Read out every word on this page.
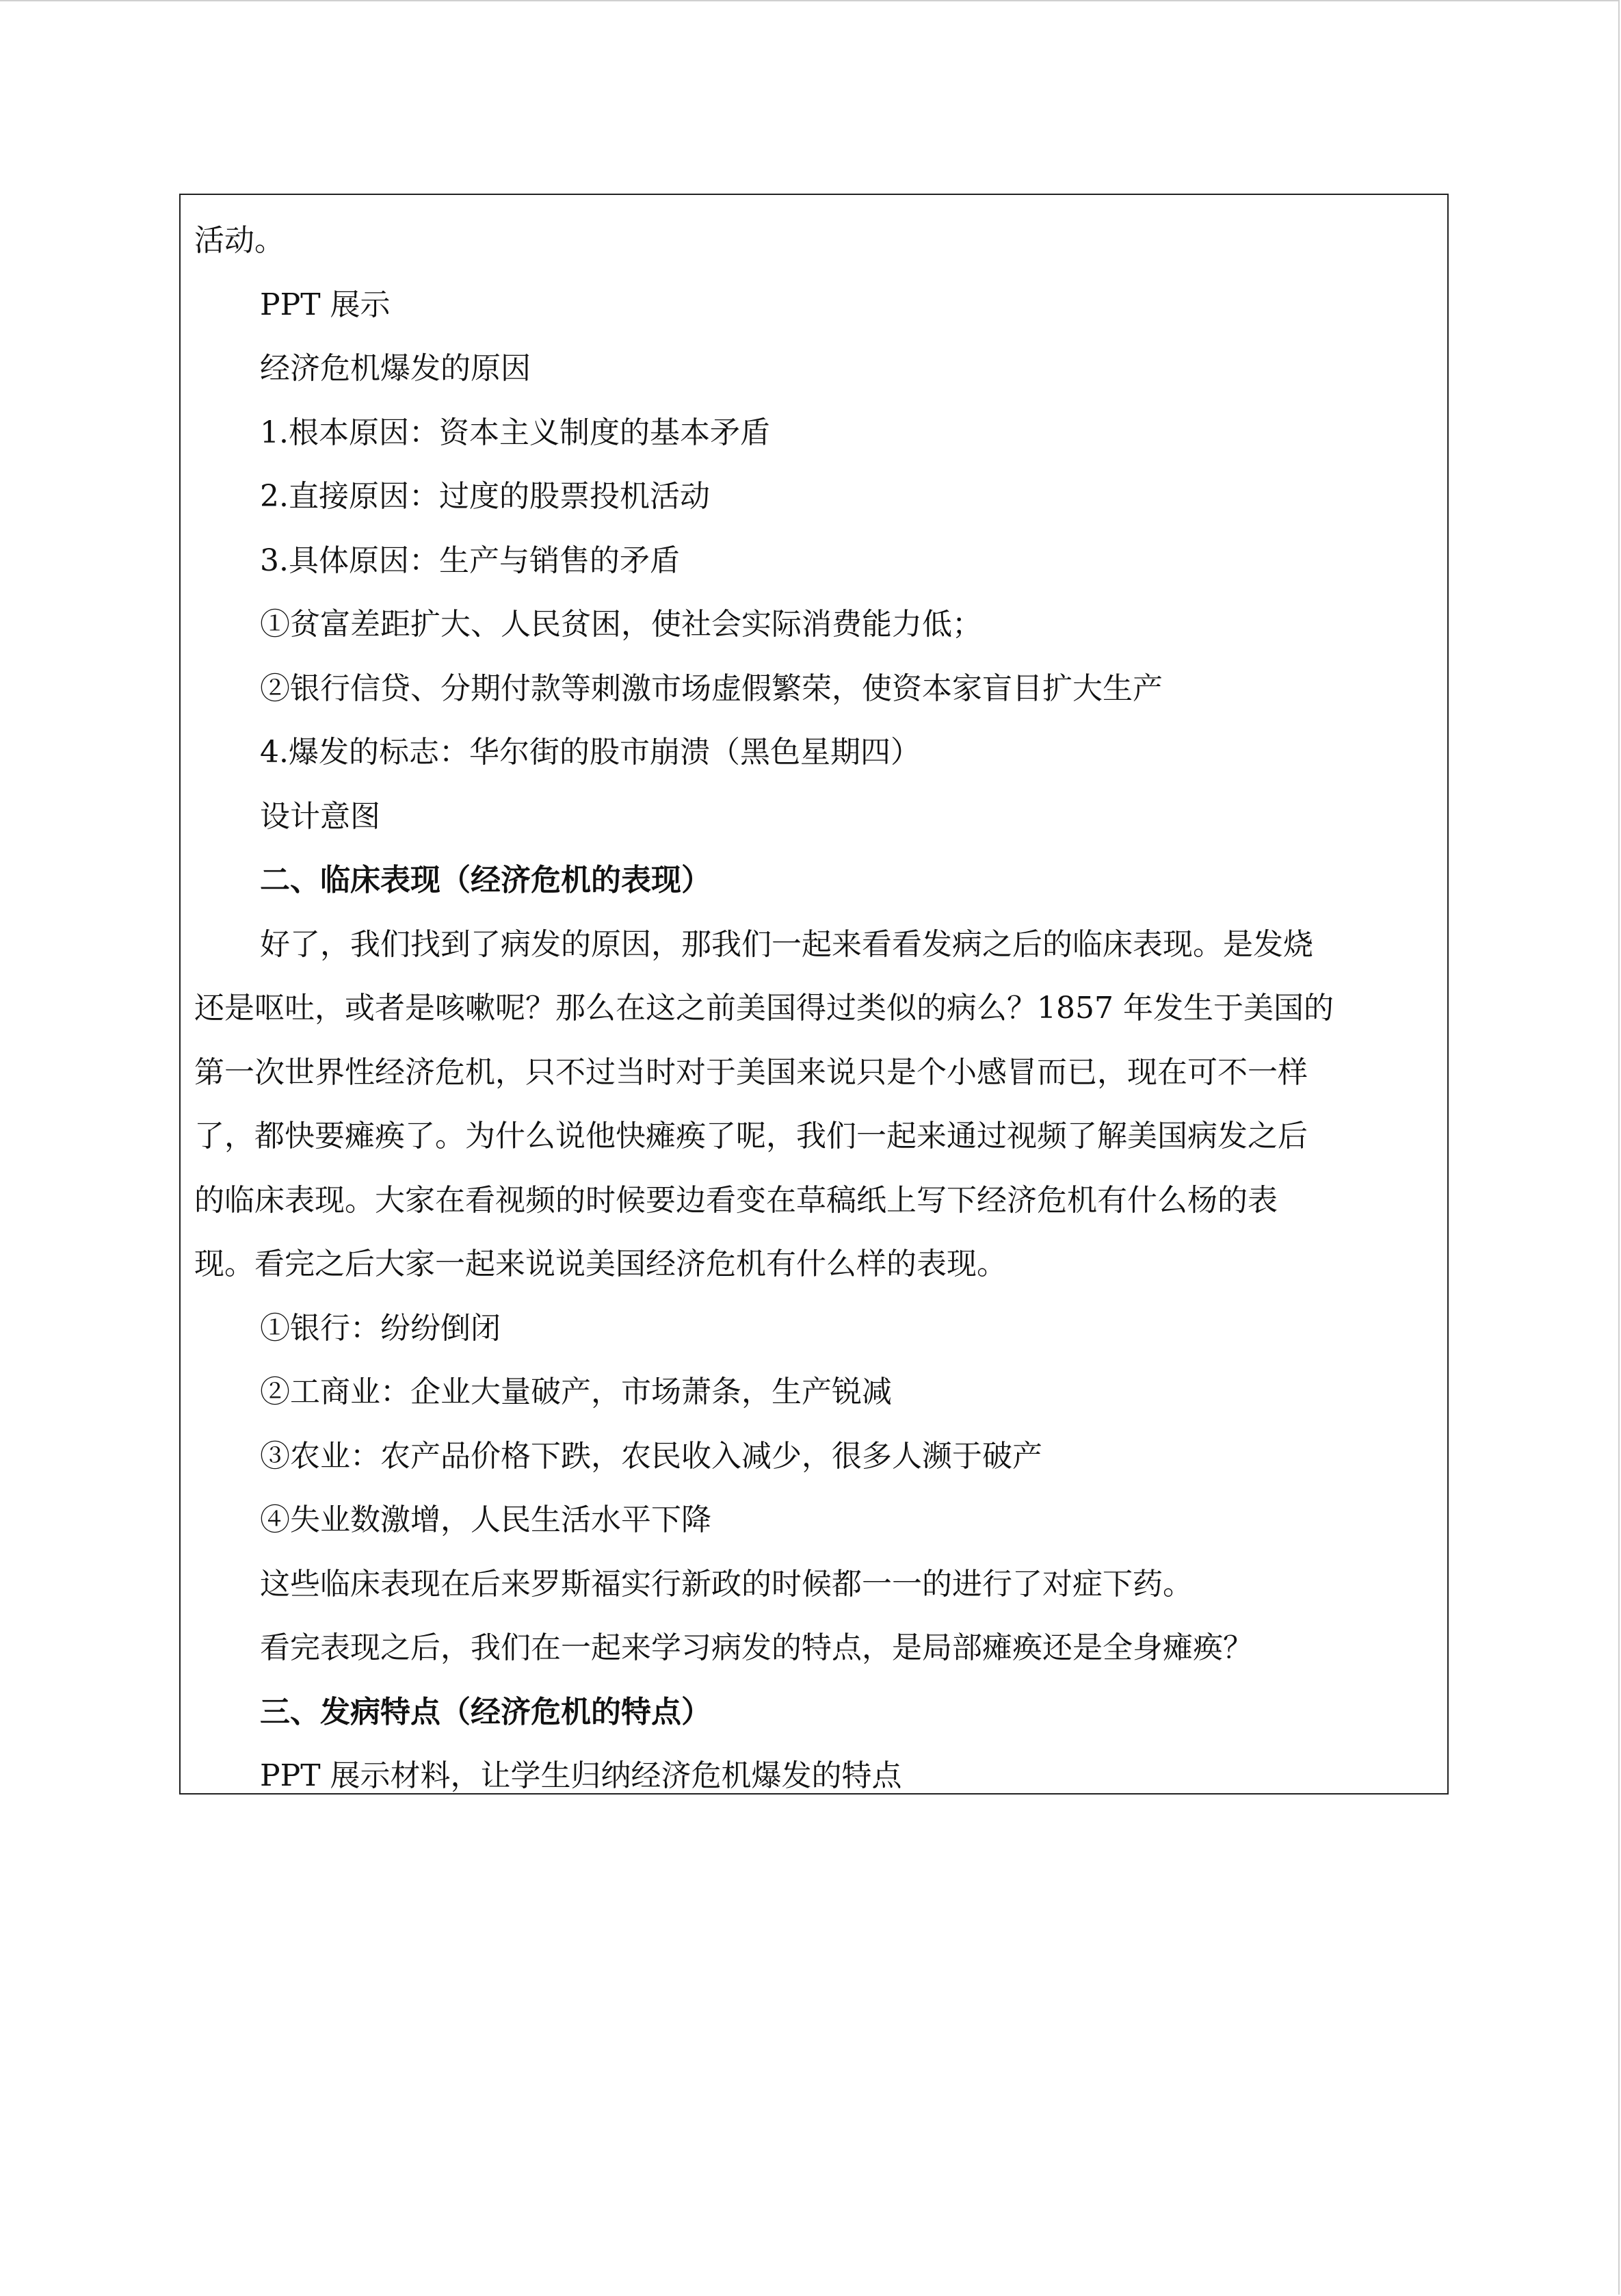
活动。
PPT 展示
经济危机爆发的原因
1.根本原因：资本主义制度的基本矛盾
2.直接原因：过度的股票投机活动
3.具体原因：生产与销售的矛盾
①贫富差距扩大、人民贫困，使社会实际消费能力低；
②银行信贷、分期付款等刺激市场虚假繁荣，使资本家盲目扩大生产
4.爆发的标志：华尔街的股市崩溃（黑色星期四）
设计意图
二、临床表现（经济危机的表现）
好了，我们找到了病发的原因，那我们一起来看看发病之后的临床表现。是发烧
还是呕吐，或者是咳嗽呢？那么在这之前美国得过类似的病么？1857 年发生于美国的
第一次世界性经济危机，只不过当时对于美国来说只是个小感冒而已，现在可不一样
了，都快要瘫痪了。为什么说他快瘫痪了呢，我们一起来通过视频了解美国病发之后
的临床表现。大家在看视频的时候要边看变在草稿纸上写下经济危机有什么杨的表
现。看完之后大家一起来说说美国经济危机有什么样的表现。
①银行：纷纷倒闭
②工商业：企业大量破产，市场萧条，生产锐减
③农业：农产品价格下跌，农民收入减少，很多人濒于破产
④失业数激增，人民生活水平下降
这些临床表现在后来罗斯福实行新政的时候都一一的进行了对症下药。
看完表现之后，我们在一起来学习病发的特点，是局部瘫痪还是全身瘫痪？
三、发病特点（经济危机的特点）
PPT 展示材料，让学生归纳经济危机爆发的特点
